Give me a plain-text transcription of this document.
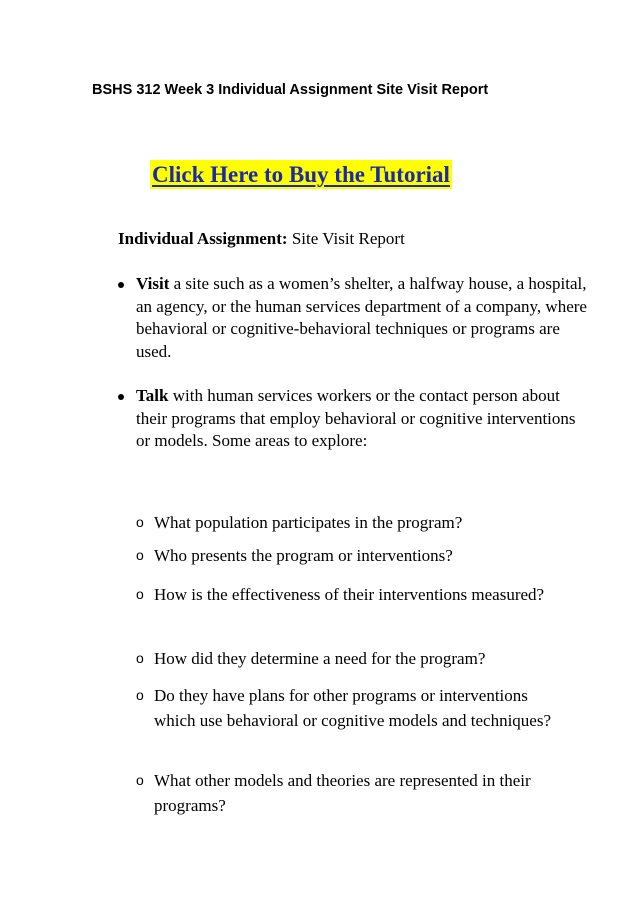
BSHS 312 Week 3 Individual Assignment Site Visit Report
Click Here to Buy the Tutorial
Individual Assignment: Site Visit Report
Visit a site such as a women’s shelter, a halfway house, a hospital, an agency, or the human services department of a company, where behavioral or cognitive-behavioral techniques or programs are used.
Talk with human services workers or the contact person about their programs that employ behavioral or cognitive interventions or models. Some areas to explore:
o What population participates in the program?
o Who presents the program or interventions?
o How is the effectiveness of their interventions measured?
o How did they determine a need for the program?
o Do they have plans for other programs or interventions which use behavioral or cognitive models and techniques?
o What other models and theories are represented in their programs?
